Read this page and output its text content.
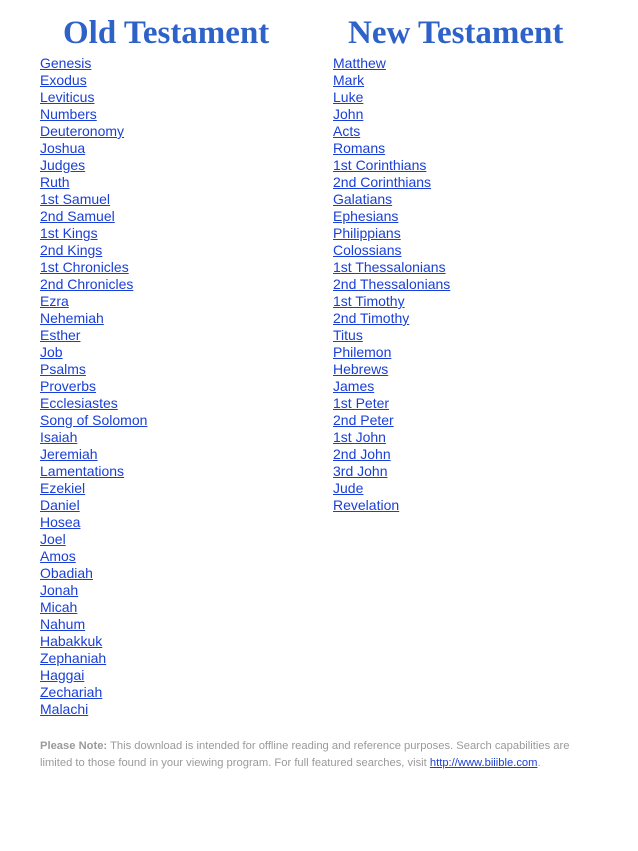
Old Testament New Testament
Genesis
Exodus
Leviticus
Numbers
Deuteronomy
Joshua
Judges
Ruth
1st Samuel
2nd Samuel
1st Kings
2nd Kings
1st Chronicles
2nd Chronicles
Ezra
Nehemiah
Esther
Job
Psalms
Proverbs
Ecclesiastes
Song of Solomon
Isaiah
Jeremiah
Lamentations
Ezekiel
Daniel
Hosea
Joel
Amos
Obadiah
Jonah
Micah
Nahum
Habakkuk
Zephaniah
Haggai
Zechariah
Malachi
Matthew
Mark
Luke
John
Acts
Romans
1st Corinthians
2nd Corinthians
Galatians
Ephesians
Philippians
Colossians
1st Thessalonians
2nd Thessalonians
1st Timothy
2nd Timothy
Titus
Philemon
Hebrews
James
1st Peter
2nd Peter
1st John
2nd John
3rd John
Jude
Revelation

Please Note: This download is intended for offline reading and reference purposes. Search capabilities are limited to those found in your viewing program. For full featured searches, visit http://www.biiible.com.
